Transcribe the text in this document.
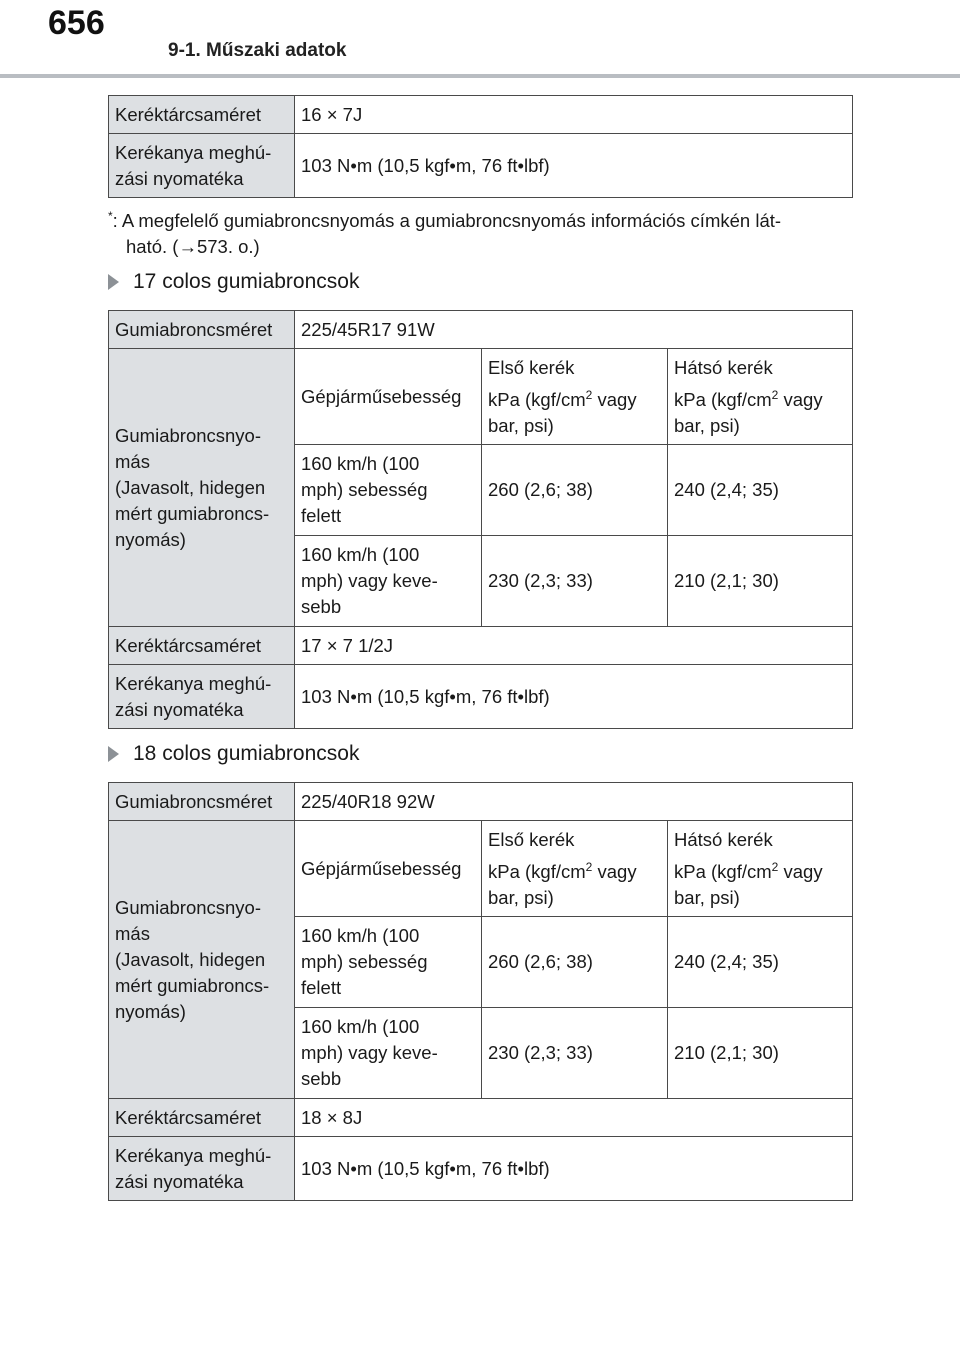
656
9-1. Műszaki adatok
Keréktárcsaméret	16 × 7J
Kerékanya meghú-
zási nyomatéka	103 N•m (10,5 kgf•m, 76 ft•lbf)
*: A megfelelő gumiabroncsnyomás a gumiabroncsnyomás információs címkén lát-
ható. (→573. o.)
17 colos gumiabroncsok
Gumiabroncsméret	225/45R17 91W		
Gumiabroncsnyo-
más
(Javasolt, hidegen
mért gumiabroncs-
nyomás)	Gépjárműsebesség	Első kerék
kPa ($kgf/cm^2$ vagy
bar, psi)	Hátsó kerék
kPa ($kgf/cm^2$ vagy
bar, psi)
	160 km/h (100
mph) sebesség
felett	260 (2,6; 38)	240 (2,4; 35)
	160 km/h (100
mph) vagy keve-
sebb	230 (2,3; 33)	210 (2,1; 30)
Keréktárcsaméret	17 × 7 1/2J		
Kerékanya meghú-
zási nyomatéka	103 N•m (10,5 kgf•m, 76 ft•lbf)		
18 colos gumiabroncsok
Gumiabroncsméret	225/40R18 92W		
Gumiabroncsnyo-
más
(Javasolt, hidegen
mért gumiabroncs-
nyomás)	Gépjárműsebesség	Első kerék
kPa ($kgf/cm^2$ vagy
bar, psi)	Hátsó kerék
kPa ($kgf/cm^2$ vagy
bar, psi)
	160 km/h (100
mph) sebesség
felett	260 (2,6; 38)	240 (2,4; 35)
	160 km/h (100
mph) vagy keve-
sebb	230 (2,3; 33)	210 (2,1; 30)
Keréktárcsaméret	18 × 8J		
Kerékanya meghú-
zási nyomatéka	103 N•m (10,5 kgf•m, 76 ft•lbf)		
